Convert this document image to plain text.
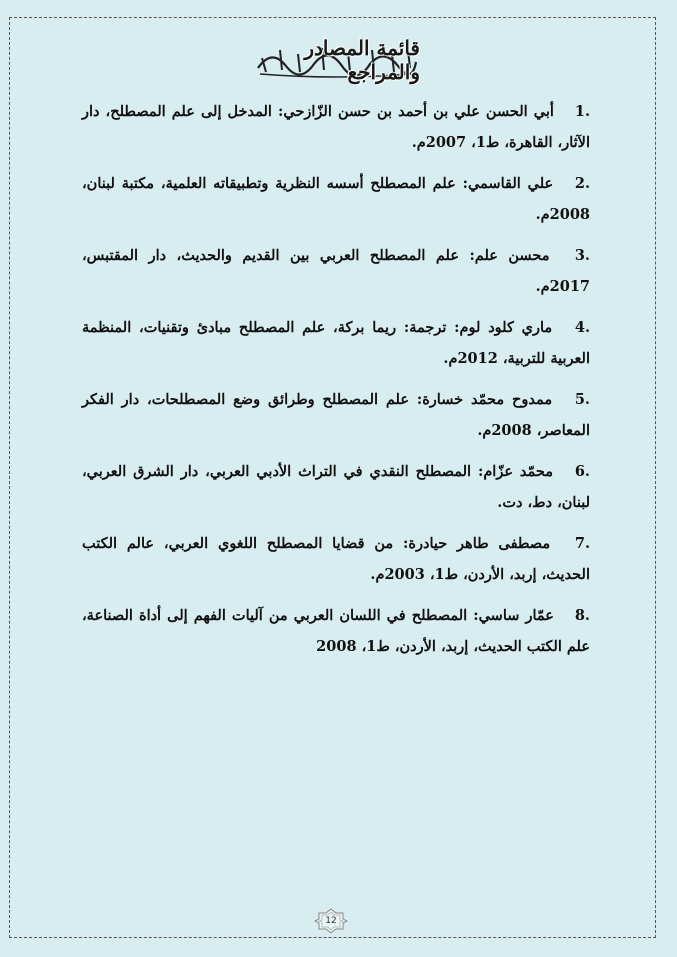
قائمة المصادر والمراجع

.1 أبي الحسن علي بن أحمد بن حسن الزّازحي: المدخل إلى علم المصطلح، دار الآثار، القاهرة، ط1، 2007م.

.2 علي القاسمي: علم المصطلح أسسه النظرية وتطبيقاته العلمية، مكتبة لبنان، 2008م.

.3 محسن علم: علم المصطلح العربي بين القديم والحديث، دار المقتبس، 2017م.

.4 ماري كلود لوم: ترجمة: ريما بركة، علم المصطلح مبادئ وتقنيات، المنظمة العربية للتربية، 2012م.

.5 ممدوح محمّد خسارة: علم المصطلح وطرائق وضع المصطلحات، دار الفكر المعاصر، 2008م.

.6 محمّد عزّام: المصطلح النقدي في التراث الأدبي العربي، دار الشرق العربي، لبنان، دط، دت.

.7 مصطفى طاهر حيادرة: من قضايا المصطلح اللغوي العربي، عالم الكتب الحديث، إربد، الأردن، ط1، 2003م.

.8 عمّار ساسي: المصطلح في اللسان العربي من آليات الفهم إلى أداة الصناعة، علم الكتب الحديث، إربد، الأردن، ط1، 2008

12
